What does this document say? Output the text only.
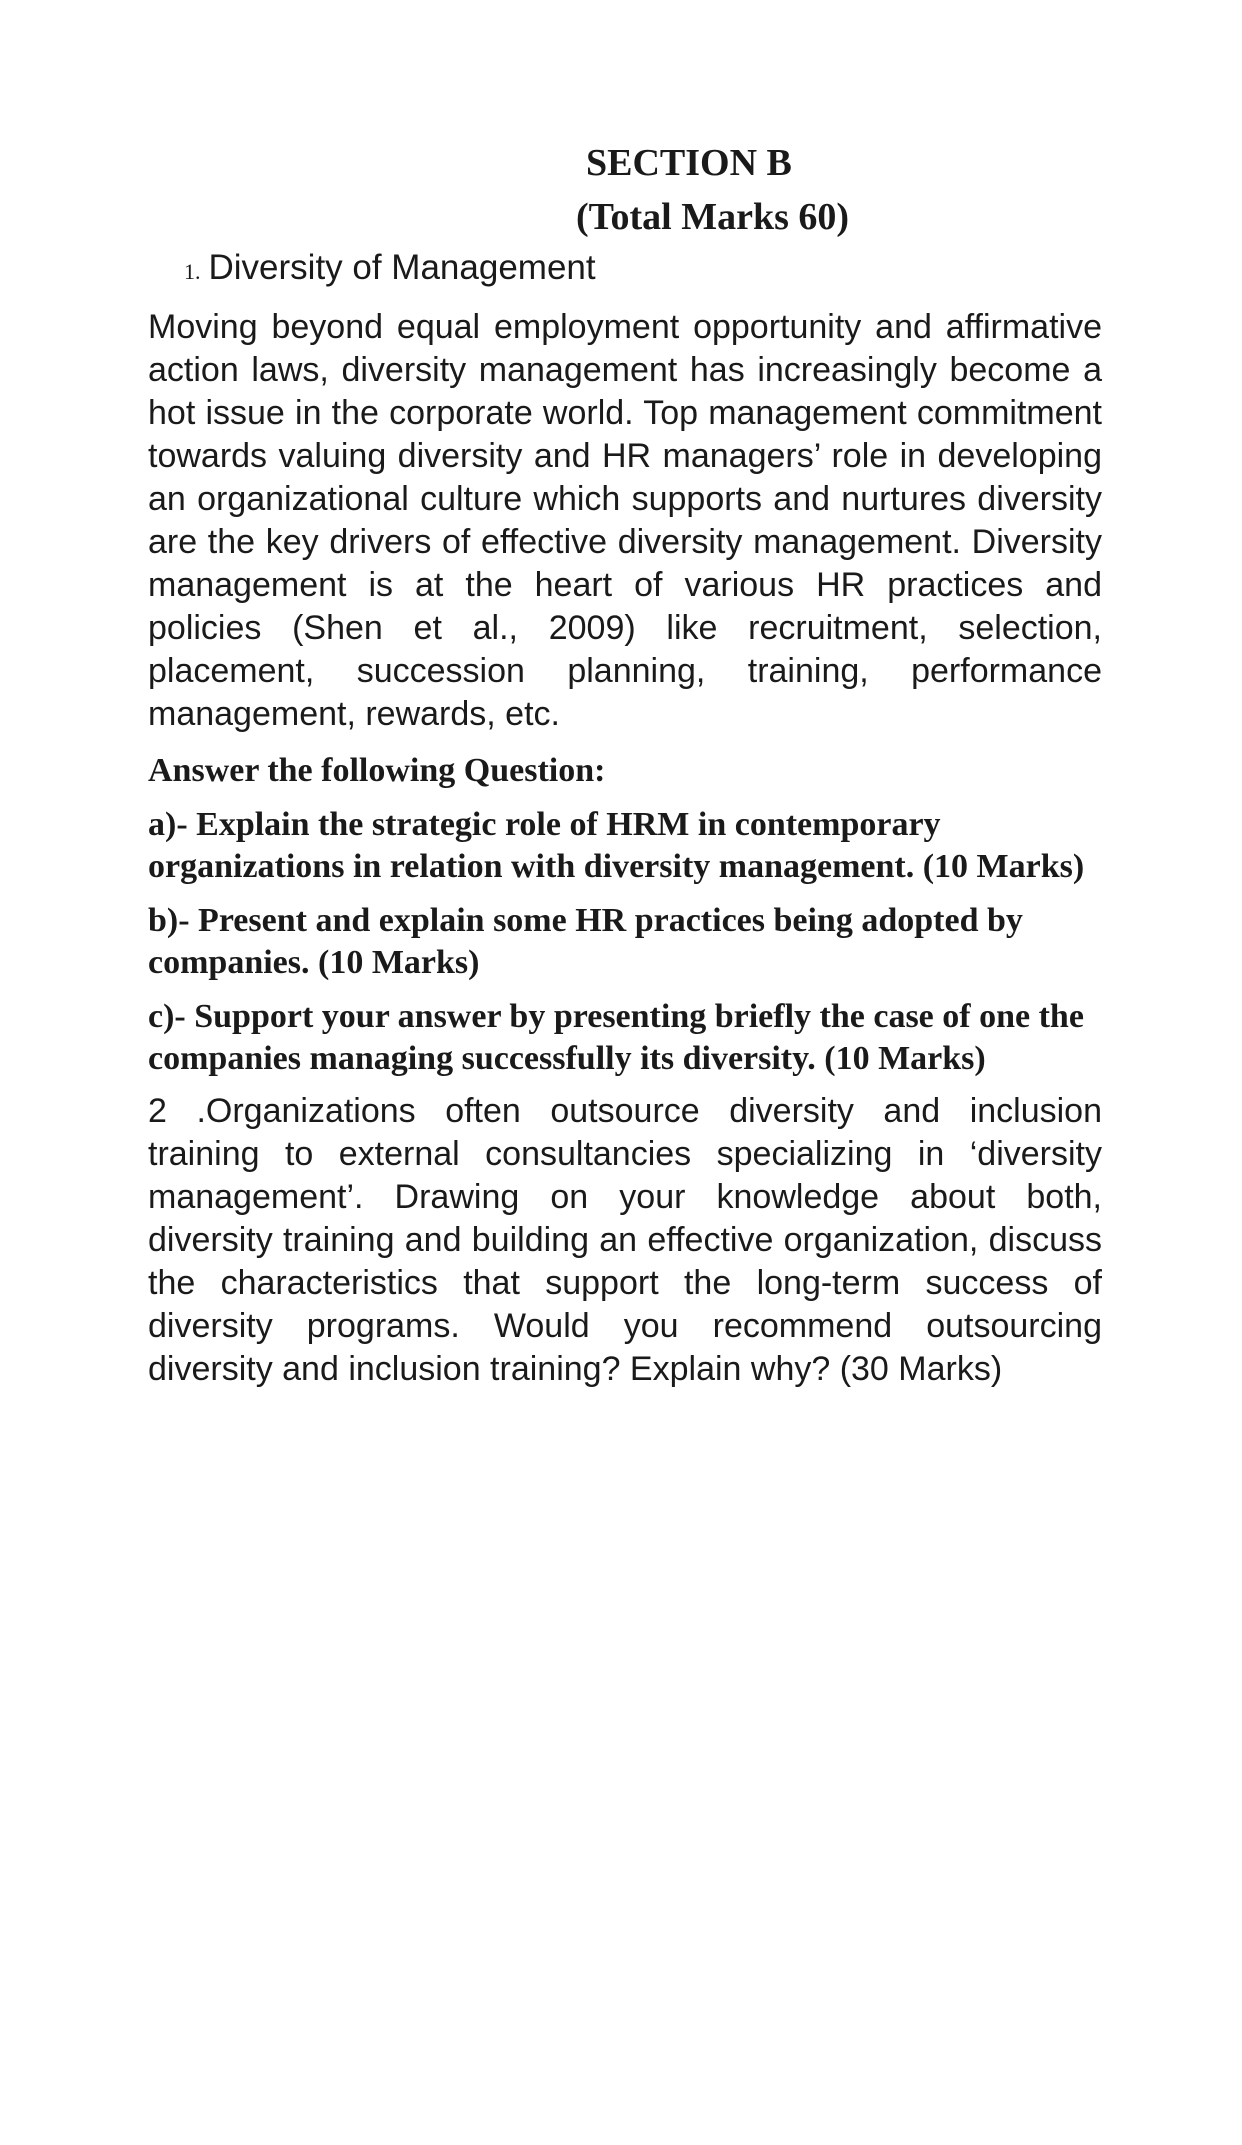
SECTION B
(Total Marks 60)
1. Diversity of Management

Moving beyond equal employment opportunity and affirmative action laws, diversity management has increasingly become a hot issue in the corporate world. Top management commitment towards valuing diversity and HR managers’ role in developing an organizational culture which supports and nurtures diversity are the key drivers of effective diversity management. Diversity management is at the heart of various HR practices and policies (Shen et al., 2009) like recruitment, selection, placement, succession planning, training, performance management, rewards, etc.

Answer the following Question:

a)- Explain the strategic role of HRM in contemporary organizations in relation with diversity management. (10 Marks)

b)- Present and explain some HR practices being adopted by companies. (10 Marks)

c)- Support your answer by presenting briefly the case of one the companies managing successfully its diversity. (10 Marks)

2 .Organizations often outsource diversity and inclusion training to external consultancies specializing in ‘diversity management’. Drawing on your knowledge about both, diversity training and building an effective organization, discuss the characteristics that support the long-term success of diversity programs. Would you recommend outsourcing diversity and inclusion training? Explain why? (30 Marks)
